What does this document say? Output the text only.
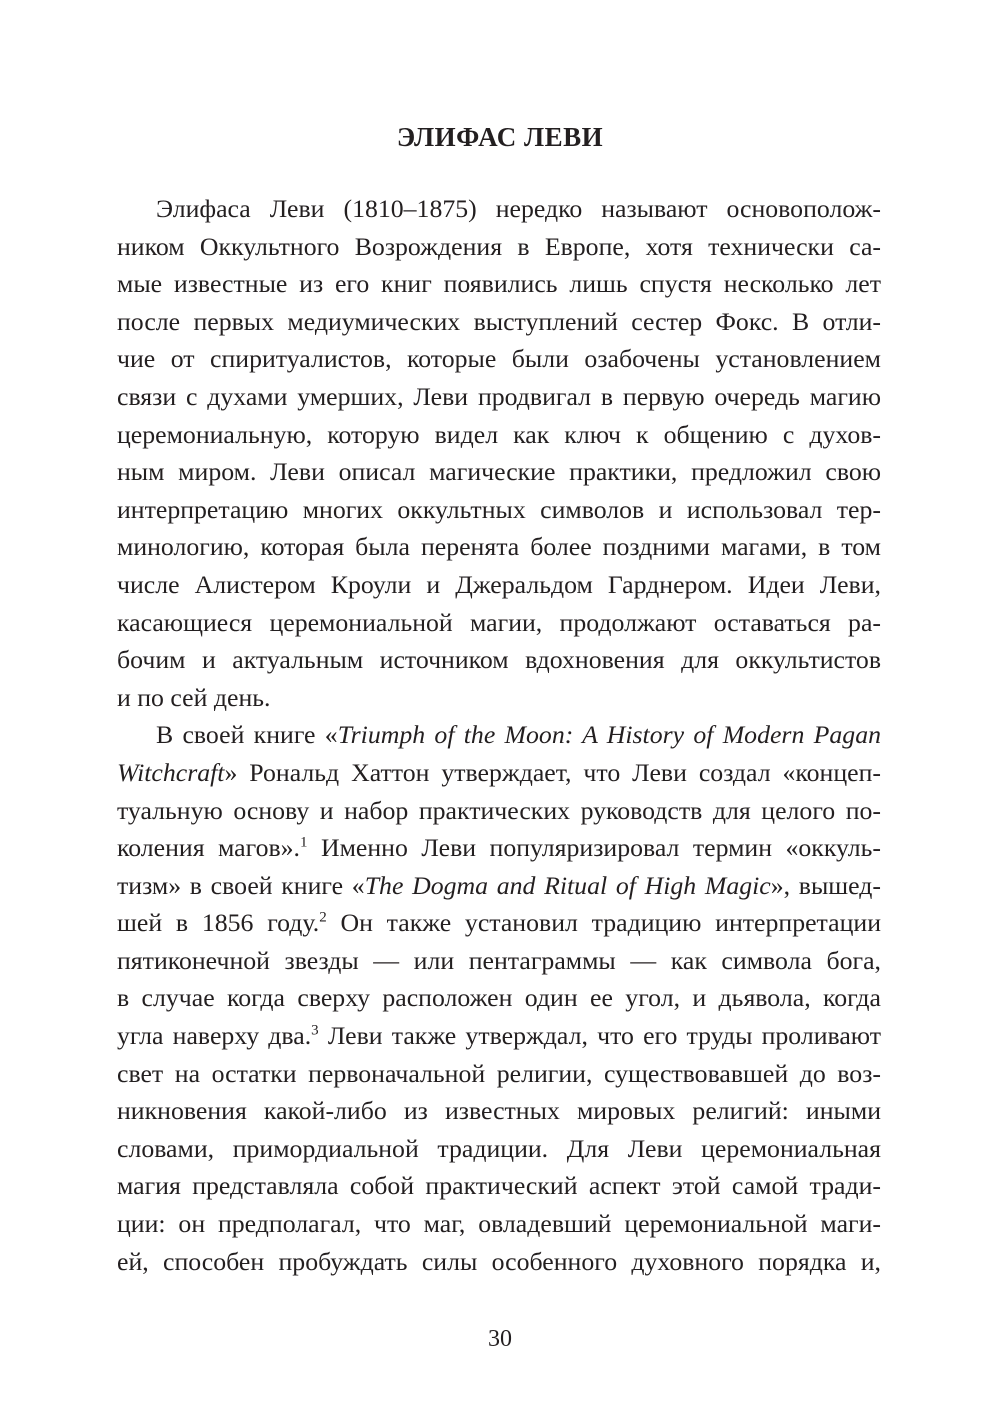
ЭЛИФАС ЛЕВИ
Элифаса Леви (1810–1875) нередко называют основополож-
ником Оккультного Возрождения в Европе, хотя технически са-
мые известные из его книг появились лишь спустя несколько лет
после первых медиумических выступлений сестер Фокс. В отли-
чие от спиритуалистов, которые были озабочены установлением
связи с духами умерших, Леви продвигал в первую очередь магию
церемониальную, которую видел как ключ к общению с духов-
ным миром. Леви описал магические практики, предложил свою
интерпретацию многих оккультных символов и использовал тер-
минологию, которая была перенята более поздними магами, в том
числе Алистером Кроули и Джеральдом Гарднером. Идеи Леви,
касающиеся церемониальной магии, продолжают оставаться ра-
бочим и актуальным источником вдохновения для оккультистов
и по сей день.
В своей книге «Triumph of the Moon: A History of Modern Pagan
Witchcraft» Рональд Хаттон утверждает, что Леви создал «концеп-
туальную основу и набор практических руководств для целого по-
коления магов».$^1$ Именно Леви популяризировал термин «оккуль-
тизм» в своей книге «The Dogma and Ritual of High Magic», вышед-
шей в 1856 году.$^2$ Он также установил традицию интерпретации
пятиконечной звезды — или пентаграммы — как символа бога,
в случае когда сверху расположен один ее угол, и дьявола, когда
угла наверху два.$^3$ Леви также утверждал, что его труды проливают
свет на остатки первоначальной религии, существовавшей до воз-
никновения какой-либо из известных мировых религий: иными
словами, примордиальной традиции. Для Леви церемониальная
магия представляла собой практический аспект этой самой тради-
ции: он предполагал, что маг, овладевший церемониальной маги-
ей, способен пробуждать силы особенного духовного порядка и,
30
